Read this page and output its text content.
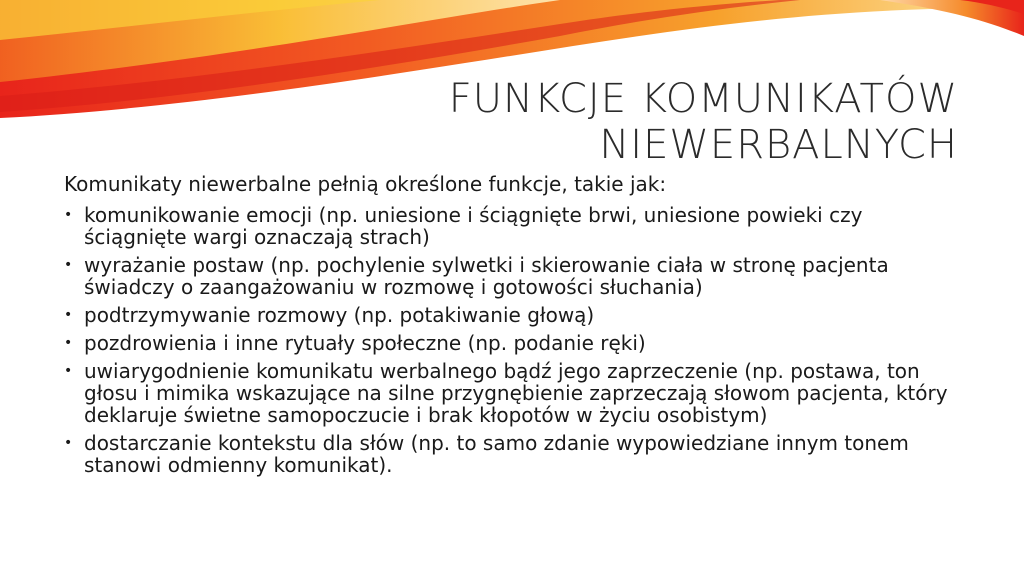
FUNKCJE KOMUNIKATÓW
NIEWERBALNYCH

Komunikaty niewerbalne pełnią określone funkcje, takie jak:

• komunikowanie emocji (np. uniesione i ściągnięte brwi, uniesione powieki czy ściągnięte wargi oznaczają strach)
• wyrażanie postaw (np. pochylenie sylwetki i skierowanie ciała w stronę pacjenta świadczy o zaangażowaniu w rozmowę i gotowości słuchania)
• podtrzymywanie rozmowy (np. potakiwanie głową)
• pozdrowienia i inne rytuały społeczne (np. podanie ręki)
• uwiarygodnienie komunikatu werbalnego bądź jego zaprzeczenie (np. postawa, ton głosu i mimika wskazujące na silne przygnębienie zaprzeczają słowom pacjenta, który deklaruje świetne samopoczucie i brak kłopotów w życiu osobistym)
• dostarczanie kontekstu dla słów (np. to samo zdanie wypowiedziane innym tonem stanowi odmienny komunikat).
